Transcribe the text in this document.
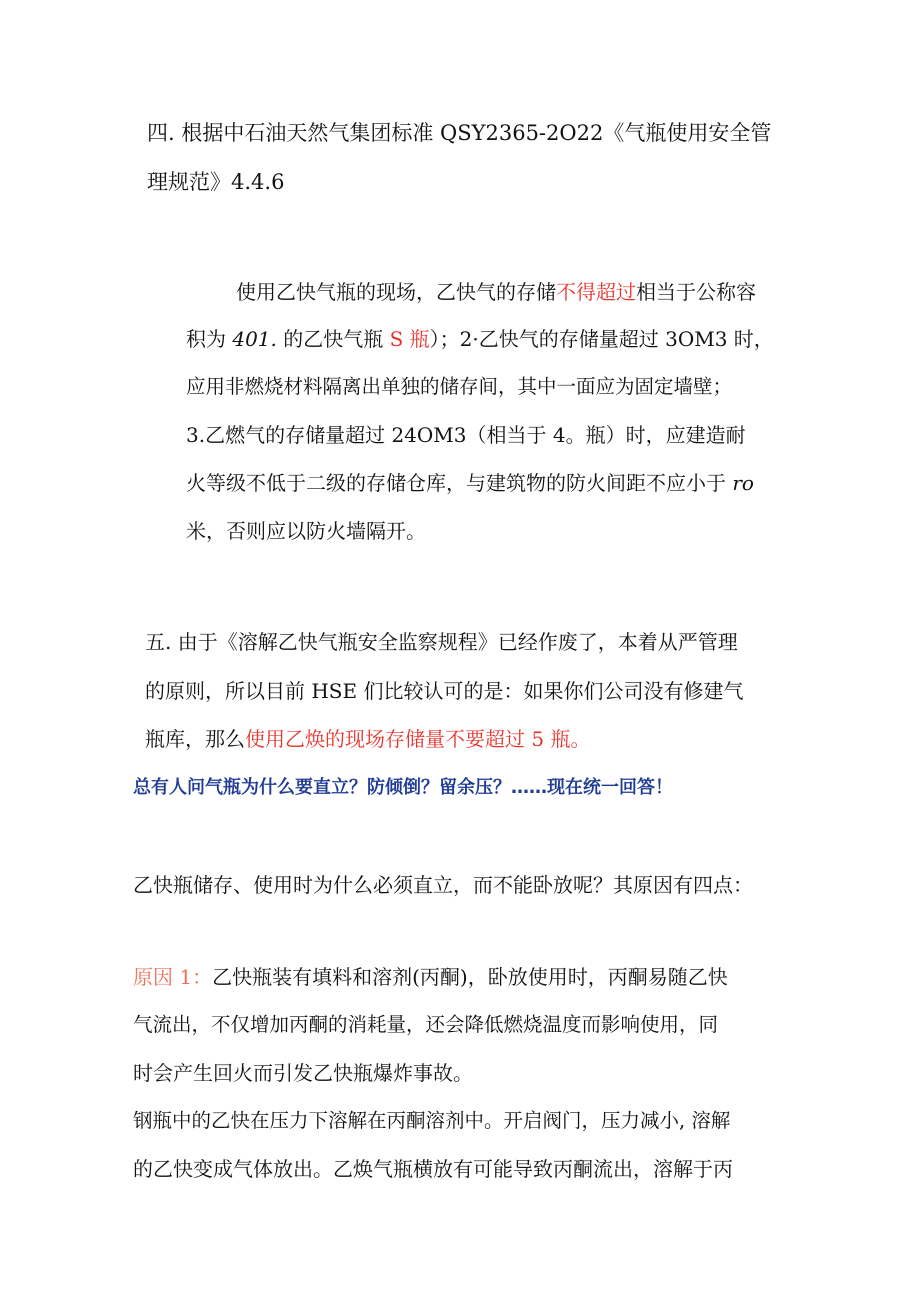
四. 根据中石油天然气集团标准 QSY2365-2O22《气瓶使用安全管
理规范》4.4.6
使用乙快气瓶的现场，乙快气的存储不得超过相当于公称容
积为 401. 的乙快气瓶 S 瓶）；2·乙快气的存储量超过 3OM3 时，
应用非燃烧材料隔离出单独的储存间，其中一面应为固定墙壁；
3.乙燃气的存储量超过 24OM3（相当于 4。瓶）时，应建造耐
火等级不低于二级的存储仓库，与建筑物的防火间距不应小于 ro
米，否则应以防火墙隔开。
五. 由于《溶解乙快气瓶安全监察规程》已经作废了，本着从严管理
的原则，所以目前 HSE 们比较认可的是：如果你们公司没有修建气
瓶库，那么使用乙焕的现场存储量不要超过 5 瓶。
总有人问气瓶为什么要直立？防倾倒？留余压？……现在统一回答！
乙快瓶储存、使用时为什么必须直立，而不能卧放呢？其原因有四点：
原因 1：乙快瓶装有填料和溶剂(丙酮)，卧放使用时，丙酮易随乙快
气流出，不仅增加丙酮的消耗量，还会降低燃烧温度而影响使用，同
时会产生回火而引发乙快瓶爆炸事故。
钢瓶中的乙快在压力下溶解在丙酮溶剂中。开启阀门，压力减小, 溶解
的乙快变成气体放出。乙焕气瓶横放有可能导致丙酮流出，溶解于丙
